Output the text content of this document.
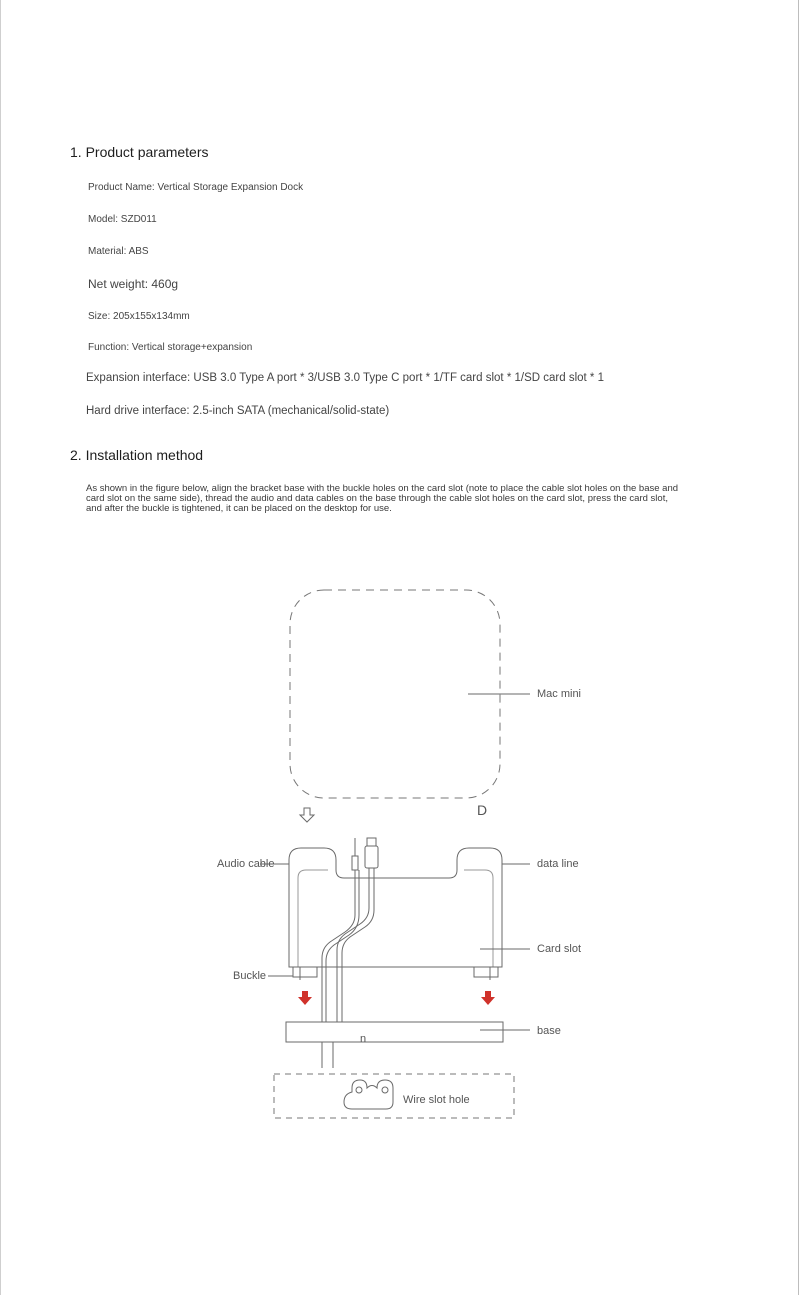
1. Product parameters
Product Name: Vertical Storage Expansion Dock
Model: SZD011
Material: ABS
Net weight: 460g
Size: 205x155x134mm
Function: Vertical storage+expansion
Expansion interface: USB 3.0 Type A port * 3/USB 3.0 Type C port * 1/TF card slot * 1/SD card slot * 1
Hard drive interface: 2.5-inch SATA (mechanical/solid-state)
2. Installation method
As shown in the figure below, align the bracket base with the buckle holes on the card slot (note to place the cable slot holes on the base and card slot on the same side), thread the audio and data cables on the base through the cable slot holes on the card slot, press the card slot, and after the buckle is tightened, it can be placed on the desktop for use.
Mac mini
D
Audio cable	data line
Card slot
Buckle
base
n
Wire slot hole
